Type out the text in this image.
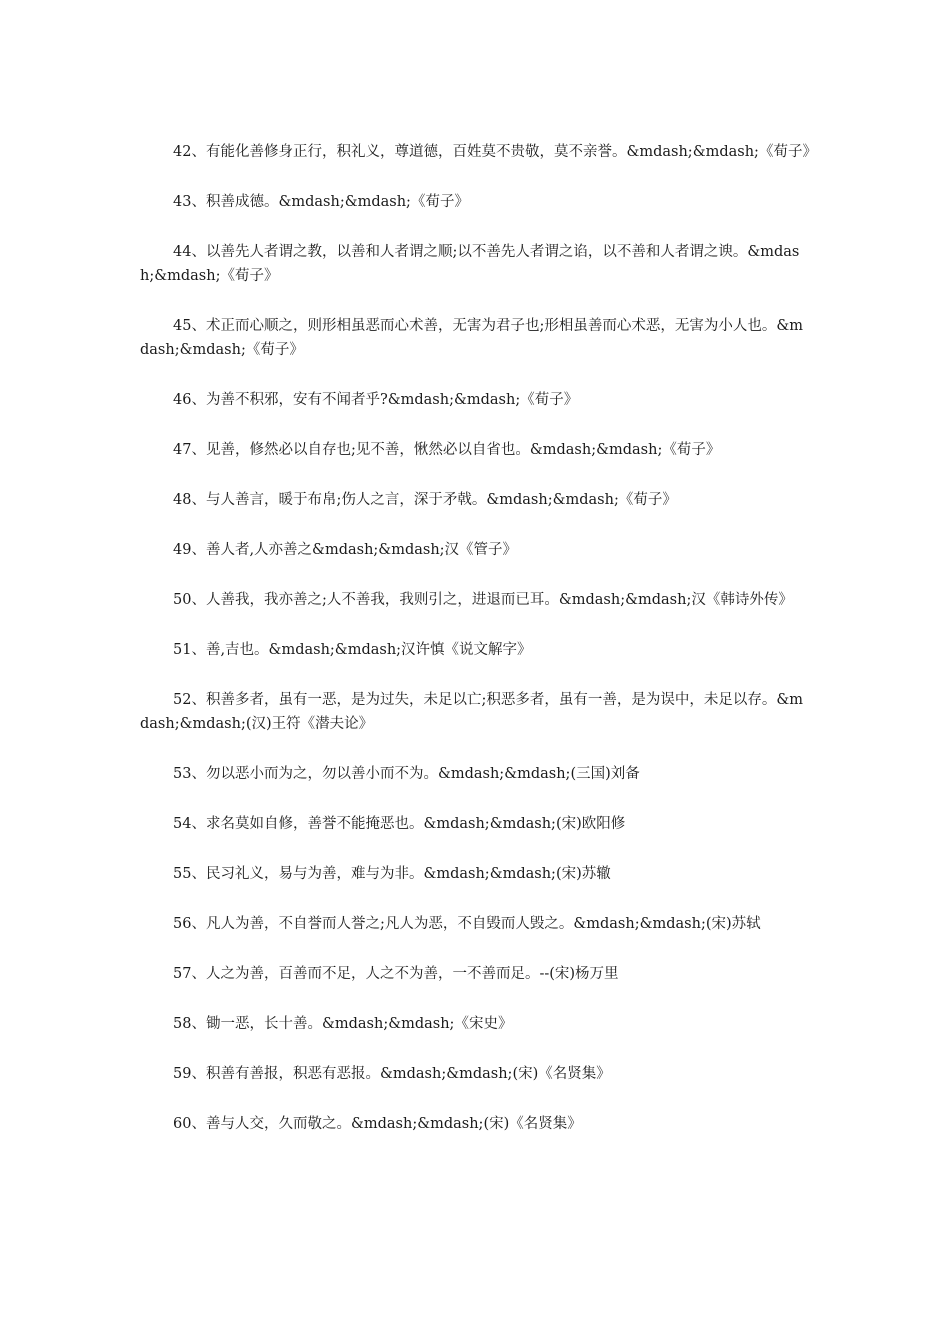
42、有能化善修身正行，积礼义，尊道德，百姓莫不贵敬，莫不亲誉。&mdash;&mdash;《荀子》

43、积善成德。&mdash;&mdash;《荀子》

44、以善先人者谓之教，以善和人者谓之顺;以不善先人者谓之谄，以不善和人者谓之谀。&mdash;&mdash;《荀子》

45、术正而心顺之，则形相虽恶而心术善，无害为君子也;形相虽善而心术恶，无害为小人也。&mdash;&mdash;《荀子》

46、为善不积邪，安有不闻者乎?&mdash;&mdash;《荀子》

47、见善，修然必以自存也;见不善，愀然必以自省也。&mdash;&mdash;《荀子》

48、与人善言，暖于布帛;伤人之言，深于矛戟。&mdash;&mdash;《荀子》

49、善人者,人亦善之&mdash;&mdash;汉《管子》

50、人善我，我亦善之;人不善我，我则引之，进退而已耳。&mdash;&mdash;汉《韩诗外传》

51、善,吉也。&mdash;&mdash;汉许慎《说文解字》

52、积善多者，虽有一恶，是为过失，未足以亡;积恶多者，虽有一善，是为误中，未足以存。&mdash;&mdash;(汉)王符《潜夫论》

53、勿以恶小而为之，勿以善小而不为。&mdash;&mdash;(三国)刘备

54、求名莫如自修，善誉不能掩恶也。&mdash;&mdash;(宋)欧阳修

55、民习礼义，易与为善，难与为非。&mdash;&mdash;(宋)苏辙

56、凡人为善，不自誉而人誉之;凡人为恶，不自毁而人毁之。&mdash;&mdash;(宋)苏轼

57、人之为善，百善而不足，人之不为善，一不善而足。--(宋)杨万里

58、锄一恶，长十善。&mdash;&mdash;《宋史》

59、积善有善报，积恶有恶报。&mdash;&mdash;(宋)《名贤集》

60、善与人交，久而敬之。&mdash;&mdash;(宋)《名贤集》
